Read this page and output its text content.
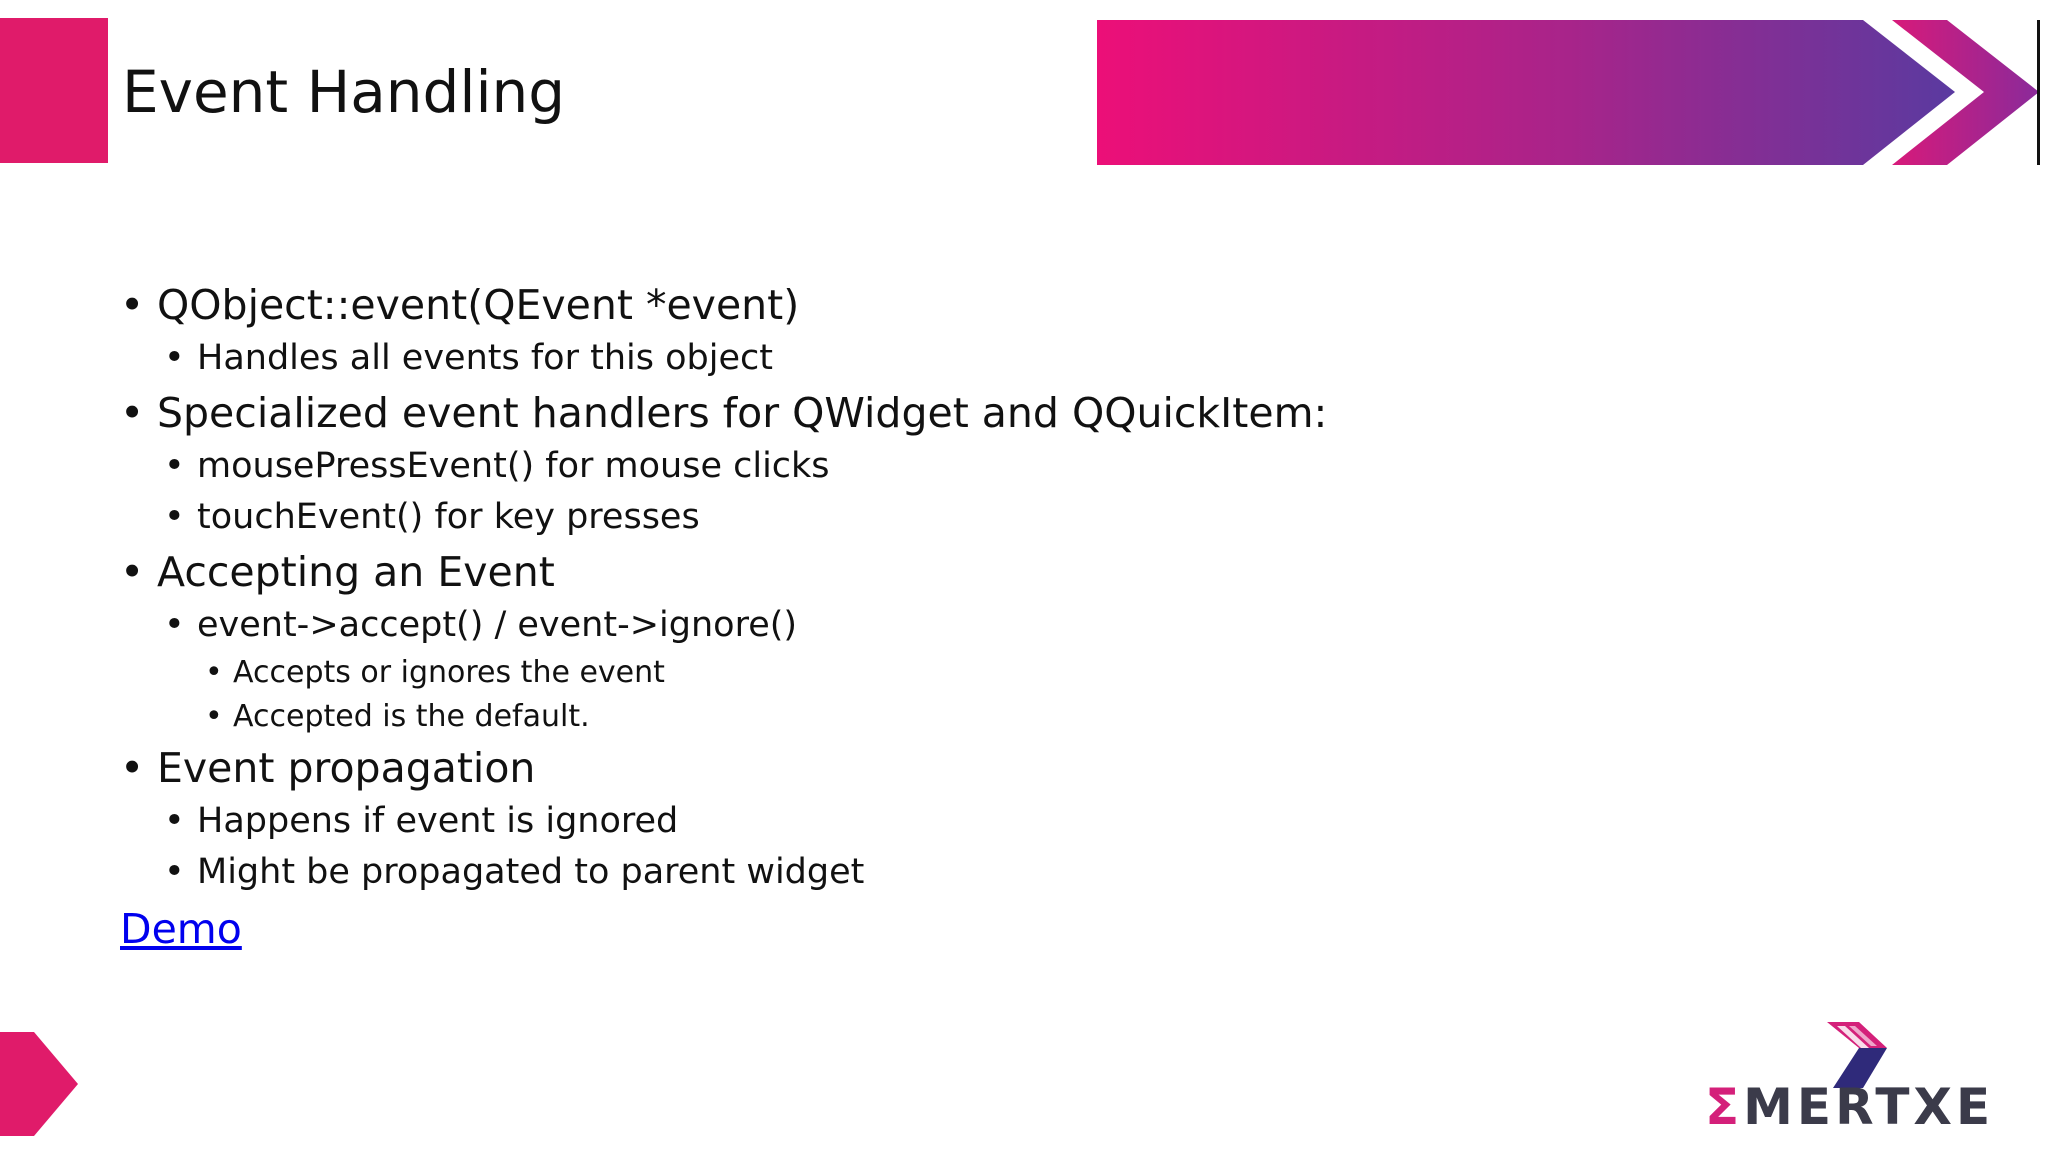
Event Handling
• QObject::event(QEvent *event)
• Handles all events for this object
• Specialized event handlers for QWidget and QQuickItem:
• mousePressEvent() for mouse clicks
• touchEvent() for key presses
• Accepting an Event
• event->accept() / event->ignore()
• Accepts or ignores the event
• Accepted is the default.
• Event propagation
• Happens if event is ignored
• Might be propagated to parent widget
Demo
ΣMERTXE
